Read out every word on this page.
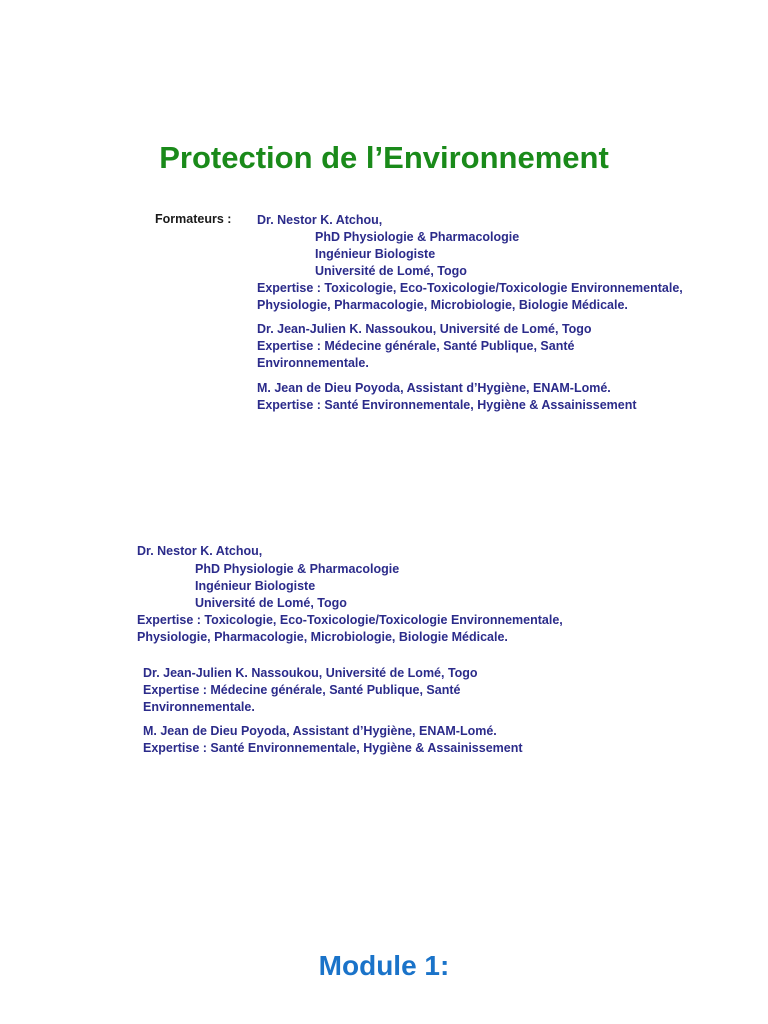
Protection de l’Environnement
Formateurs : Dr. Nestor K. Atchou,
PhD Physiologie & Pharmacologie
Ingénieur Biologiste
Université de Lomé, Togo
Expertise : Toxicologie, Eco-Toxicologie/Toxicologie Environnementale,
Physiologie, Pharmacologie, Microbiologie, Biologie Médicale.
Dr. Jean-Julien K. Nassoukou, Université de Lomé, Togo
Expertise : Médecine générale, Santé Publique, Santé
Environnementale.
M. Jean de Dieu Poyoda, Assistant d’Hygiène, ENAM-Lomé.
Expertise : Santé Environnementale, Hygiène & Assainissement
Dr. Nestor K. Atchou,
PhD Physiologie & Pharmacologie
Ingénieur Biologiste
Université de Lomé, Togo
Expertise : Toxicologie, Eco-Toxicologie/Toxicologie Environnementale,
Physiologie, Pharmacologie, Microbiologie, Biologie Médicale.
Dr. Jean-Julien K. Nassoukou, Université de Lomé, Togo
Expertise : Médecine générale, Santé Publique, Santé
Environnementale.
M. Jean de Dieu Poyoda, Assistant d’Hygiène, ENAM-Lomé.
Expertise : Santé Environnementale, Hygiène & Assainissement
Module 1:
